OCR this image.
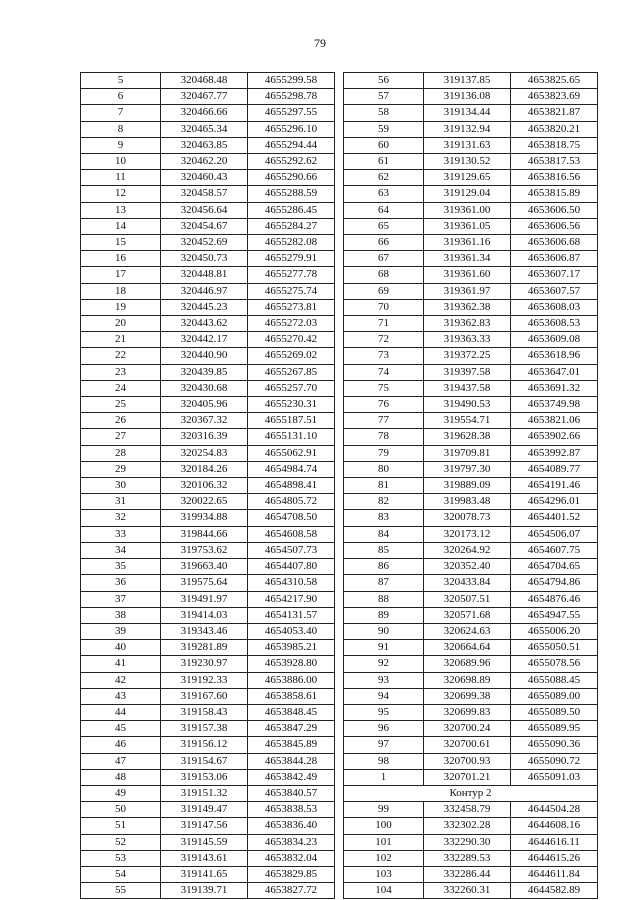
79
5	320468.48	4655299.58
6	320467.77	4655298.78
7	320466.66	4655297.55
8	320465.34	4655296.10
9	320463.85	4655294.44
10	320462.20	4655292.62
11	320460.43	4655290.66
12	320458.57	4655288.59
13	320456.64	4655286.45
14	320454.67	4655284.27
15	320452.69	4655282.08
16	320450.73	4655279.91
17	320448.81	4655277.78
18	320446.97	4655275.74
19	320445.23	4655273.81
20	320443.62	4655272.03
21	320442.17	4655270.42
22	320440.90	4655269.02
23	320439.85	4655267.85
24	320430.68	4655257.70
25	320405.96	4655230.31
26	320367.32	4655187.51
27	320316.39	4655131.10
28	320254.83	4655062.91
29	320184.26	4654984.74
30	320106.32	4654898.41
31	320022.65	4654805.72
32	319934.88	4654708.50
33	319844.66	4654608.58
34	319753.62	4654507.73
35	319663.40	4654407.80
36	319575.64	4654310.58
37	319491.97	4654217.90
38	319414.03	4654131.57
39	319343.46	4654053.40
40	319281.89	4653985.21
41	319230.97	4653928.80
42	319192.33	4653886.00
43	319167.60	4653858.61
44	319158.43	4653848.45
45	319157.38	4653847.29
46	319156.12	4653845.89
47	319154.67	4653844.28
48	319153.06	4653842.49
49	319151.32	4653840.57
50	319149.47	4653838.53
51	319147.56	4653836.40
52	319145.59	4653834.23
53	319143.61	4653832.04
54	319141.65	4653829.85
55	319139.71	4653827.72
56	319137.85	4653825.65
57	319136.08	4653823.69
58	319134.44	4653821.87
59	319132.94	4653820.21
60	319131.63	4653818.75
61	319130.52	4653817.53
62	319129.65	4653816.56
63	319129.04	4653815.89
64	319361.00	4653606.50
65	319361.05	4653606.56
66	319361.16	4653606.68
67	319361.34	4653606.87
68	319361.60	4653607.17
69	319361.97	4653607.57
70	319362.38	4653608.03
71	319362.83	4653608.53
72	319363.33	4653609.08
73	319372.25	4653618.96
74	319397.58	4653647.01
75	319437.58	4653691.32
76	319490.53	4653749.98
77	319554.71	4653821.06
78	319628.38	4653902.66
79	319709.81	4653992.87
80	319797.30	4654089.77
81	319889.09	4654191.46
82	319983.48	4654296.01
83	320078.73	4654401.52
84	320173.12	4654506.07
85	320264.92	4654607.75
86	320352.40	4654704.65
87	320433.84	4654794.86
88	320507.51	4654876.46
89	320571.68	4654947.55
90	320624.63	4655006.20
91	320664.64	4655050.51
92	320689.96	4655078.56
93	320698.89	4655088.45
94	320699.38	4655089.00
95	320699.83	4655089.50
96	320700.24	4655089.95
97	320700.61	4655090.36
98	320700.93	4655090.72
1	320701.21	4655091.03
Контур 2		
99	332458.79	4644504.28
100	332302.28	4644608.16
101	332290.30	4644616.11
102	332289.53	4644615.26
103	332286.44	4644611.84
104	332260.31	4644582.89
